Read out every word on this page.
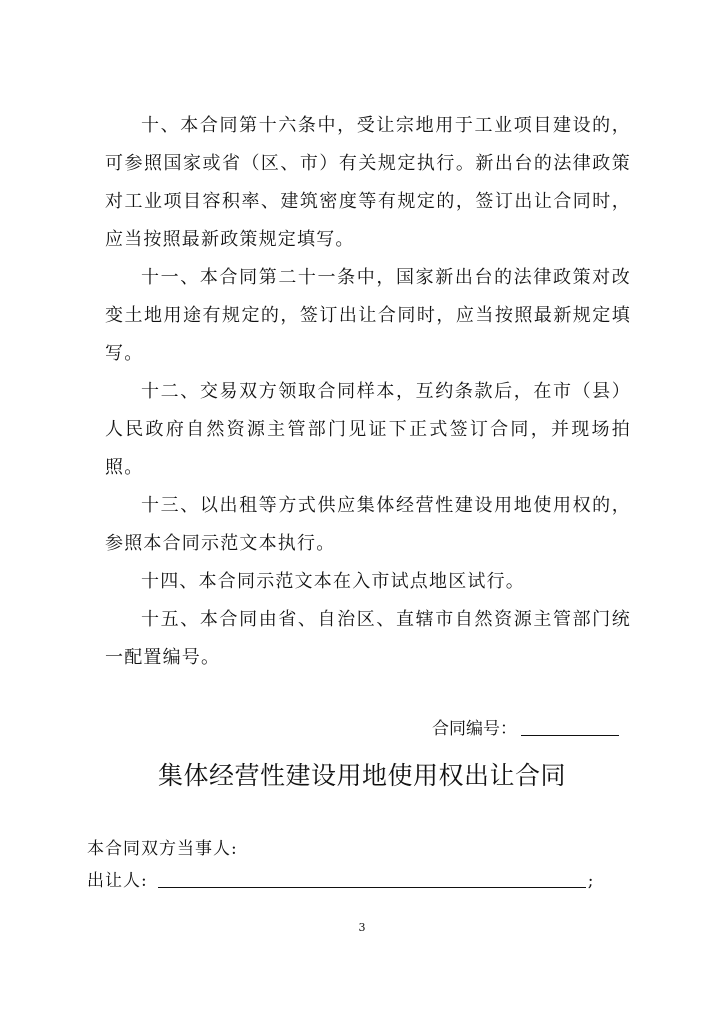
十、本合同第十六条中，受让宗地用于工业项目建设的，可参照国家或省（区、市）有关规定执行。新出台的法律政策对工业项目容积率、建筑密度等有规定的，签订出让合同时，应当按照最新政策规定填写。

十一、本合同第二十一条中，国家新出台的法律政策对改变土地用途有规定的，签订出让合同时，应当按照最新规定填写。

十二、交易双方领取合同样本，互约条款后，在市（县）人民政府自然资源主管部门见证下正式签订合同，并现场拍照。

十三、以出租等方式供应集体经营性建设用地使用权的，参照本合同示范文本执行。

十四、本合同示范文本在入市试点地区试行。

十五、本合同由省、自治区、直辖市自然资源主管部门统一配置编号。

合同编号：
集体经营性建设用地使用权出让合同
本合同双方当事人:
出让人:	;
3
